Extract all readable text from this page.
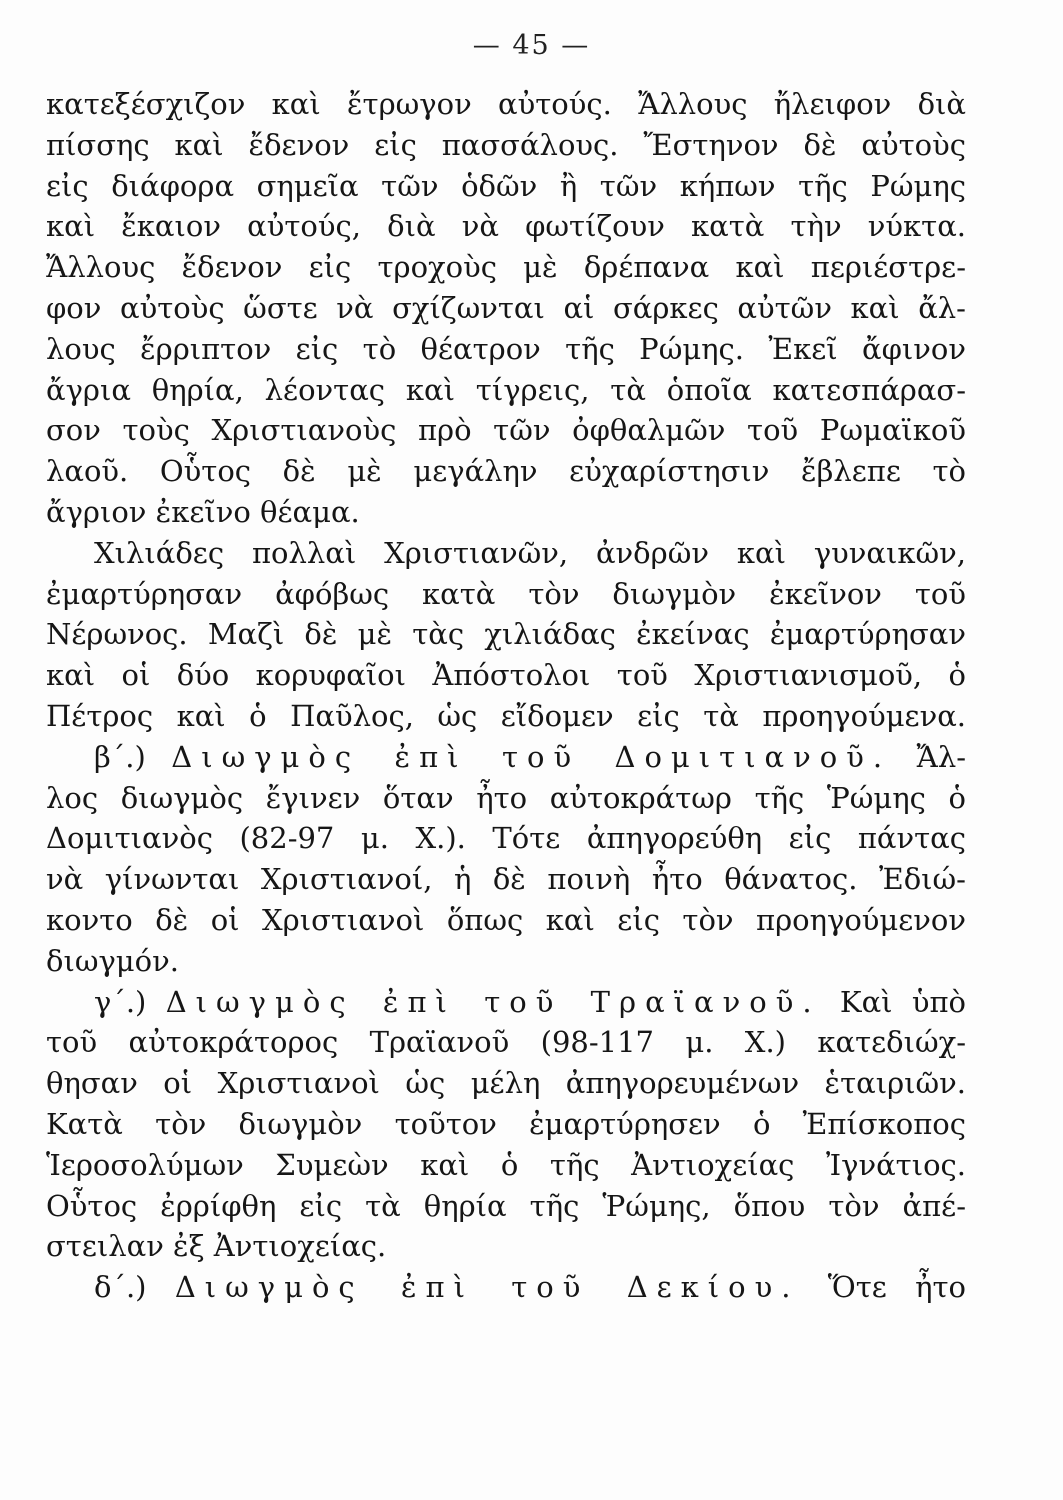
— 45 —
κατεξέσχιζον καὶ ἔτρωγον αὐτούς. Ἄλλους ἤλειφον διὰ
πίσσης καὶ ἔδενον εἰς πασσάλους. Ἔστηνον δὲ αὐτοὺς
εἰς διάφορα σημεῖα τῶν ὁδῶν ἢ τῶν κήπων τῆς Ρώμης
καὶ ἔκαιον αὐτούς, διὰ νὰ φωτίζουν κατὰ τὴν νύκτα.
Ἄλλους ἔδενον εἰς τροχοὺς μὲ δρέπανα καὶ περιέστρε-
φον αὐτοὺς ὥστε νὰ σχίζωνται αἱ σάρκες αὐτῶν καὶ ἄλ-
λους ἔρριπτον εἰς τὸ θέατρον τῆς Ρώμης. Ἐκεῖ ἄφινον
ἄγρια θηρία, λέοντας καὶ τίγρεις, τὰ ὁποῖα κατεσπάρασ-
σον τοὺς Χριστιανοὺς πρὸ τῶν ὀφθαλμῶν τοῦ Ρωμαϊκοῦ
λαοῦ. Οὗτος δὲ μὲ μεγάλην εὐχαρίστησιν ἔβλεπε τὸ
ἄγριον ἐκεῖνο θέαμα.
Χιλιάδες πολλαὶ Χριστιανῶν, ἀνδρῶν καὶ γυναικῶν,
ἐμαρτύρησαν ἀφόβως κατὰ τὸν διωγμὸν ἐκεῖνον τοῦ
Νέρωνος. Μαζὶ δὲ μὲ τὰς χιλιάδας ἐκείνας ἐμαρτύρησαν
καὶ οἱ δύο κορυφαῖοι Ἀπόστολοι τοῦ Χριστιανισμοῦ, ὁ
Πέτρος καὶ ὁ Παῦλος, ὡς εἴδομεν εἰς τὰ προηγούμενα.
β΄.) Διωγμὸς ἐπὶ τοῦ Δομιτιανοῦ. Ἄλ-
λος διωγμὸς ἔγινεν ὅταν ἦτο αὐτοκράτωρ τῆς Ῥώμης ὁ
Δομιτιανὸς (82-97 μ. Χ.). Τότε ἀπηγορεύθη εἰς πάντας
νὰ γίνωνται Χριστιανοί, ἡ δὲ ποινὴ ἦτο θάνατος. Ἐδιώ-
κοντο δὲ οἱ Χριστιανοὶ ὅπως καὶ εἰς τὸν προηγούμενον
διωγμόν.
γ΄.) Διωγμὸς ἐπὶ τοῦ Τραϊανοῦ. Καὶ ὑπὸ
τοῦ αὐτοκράτορος Τραϊανοῦ (98-117 μ. Χ.) κατεδιώχ-
θησαν οἱ Χριστιανοὶ ὡς μέλη ἀπηγορευμένων ἑταιριῶν.
Κατὰ τὸν διωγμὸν τοῦτον ἐμαρτύρησεν ὁ Ἐπίσκοπος
Ἱεροσολύμων Συμεὼν καὶ ὁ τῆς Ἀντιοχείας Ἰγνάτιος.
Οὗτος ἐρρίφθη εἰς τὰ θηρία τῆς Ῥώμης, ὅπου τὸν ἀπέ-
στειλαν ἐξ Ἀντιοχείας.
δ΄.) Διωγμὸς ἐπὶ τοῦ Δεκίου. Ὅτε ἦτο
